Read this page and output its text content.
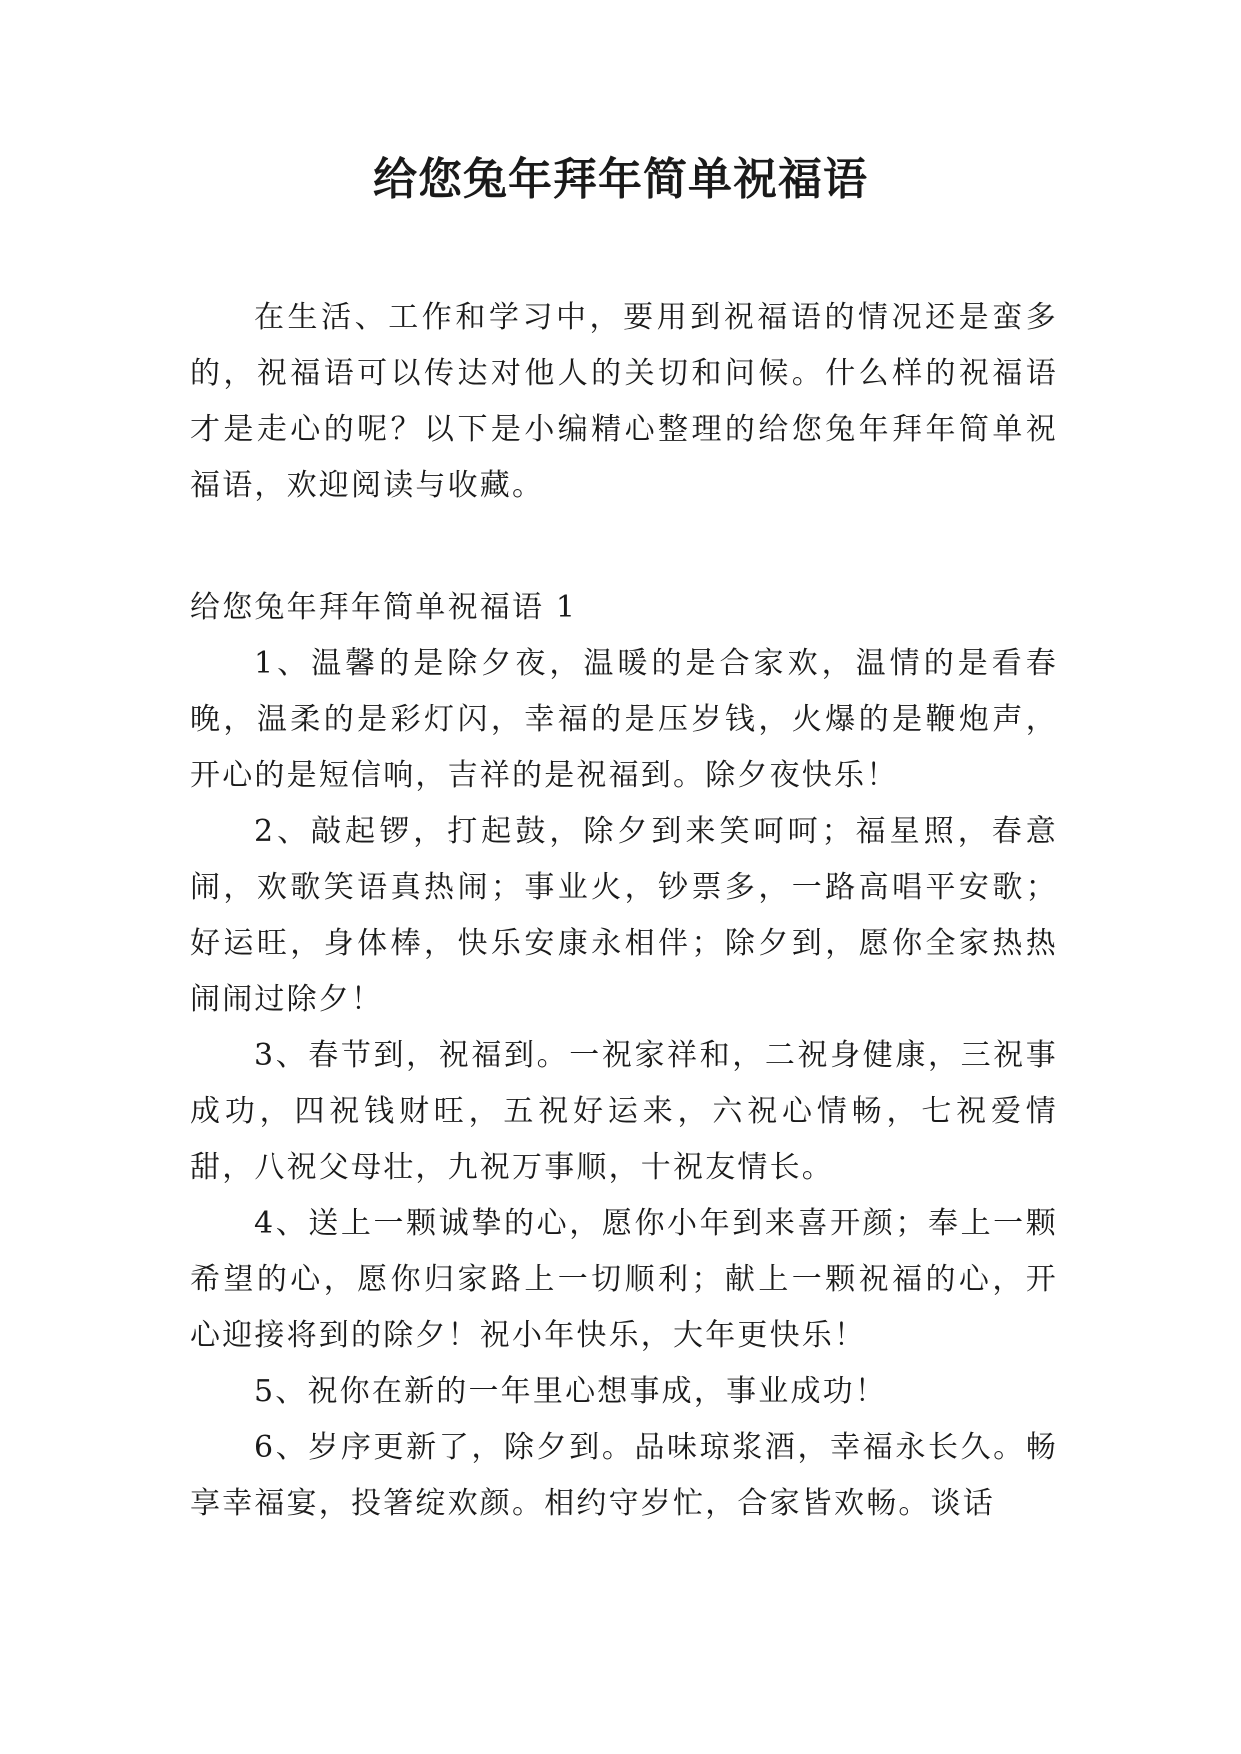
给您兔年拜年简单祝福语

在生活、工作和学习中，要用到祝福语的情况还是蛮多的，祝福语可以传达对他人的关切和问候。什么样的祝福语才是走心的呢？以下是小编精心整理的给您兔年拜年简单祝福语，欢迎阅读与收藏。

给您兔年拜年简单祝福语 1

1、温馨的是除夕夜，温暖的是合家欢，温情的是看春晚，温柔的是彩灯闪，幸福的是压岁钱，火爆的是鞭炮声，开心的是短信响，吉祥的是祝福到。除夕夜快乐！

2、敲起锣，打起鼓，除夕到来笑呵呵；福星照，春意闹，欢歌笑语真热闹；事业火，钞票多，一路高唱平安歌；好运旺，身体棒，快乐安康永相伴；除夕到，愿你全家热热闹闹过除夕！

3、春节到，祝福到。一祝家祥和，二祝身健康，三祝事成功，四祝钱财旺，五祝好运来，六祝心情畅，七祝爱情甜，八祝父母壮，九祝万事顺，十祝友情长。

4、送上一颗诚挚的心，愿你小年到来喜开颜；奉上一颗希望的心，愿你归家路上一切顺利；献上一颗祝福的心，开心迎接将到的除夕！祝小年快乐，大年更快乐！

5、祝你在新的一年里心想事成，事业成功！

6、岁序更新了，除夕到。品味琼浆酒，幸福永长久。畅享幸福宴，投箸绽欢颜。相约守岁忙，合家皆欢畅。谈话
